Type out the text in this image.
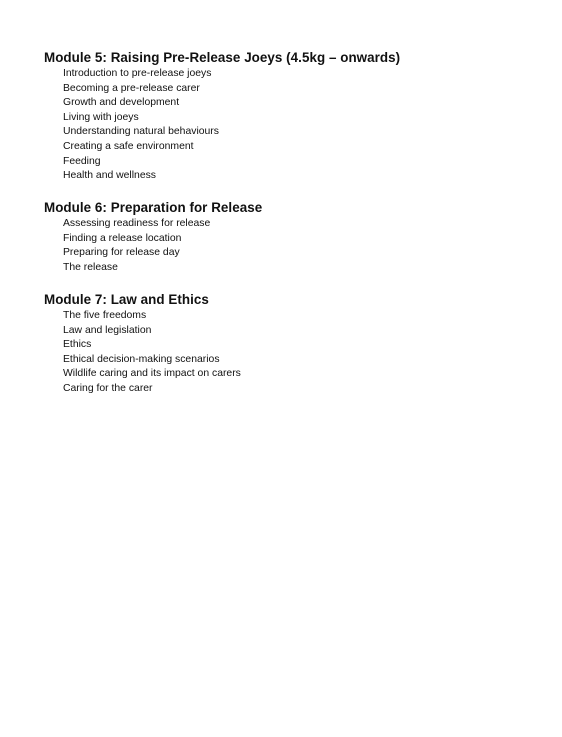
Module 5: Raising Pre-Release Joeys (4.5kg – onwards)
Introduction to pre-release joeys
Becoming a pre-release carer
Growth and development
Living with joeys
Understanding natural behaviours
Creating a safe environment
Feeding
Health and wellness
Module 6: Preparation for Release
Assessing readiness for release
Finding a release location
Preparing for release day
The release
Module 7: Law and Ethics
The five freedoms
Law and legislation
Ethics
Ethical decision-making scenarios
Wildlife caring and its impact on carers
Caring for the carer
